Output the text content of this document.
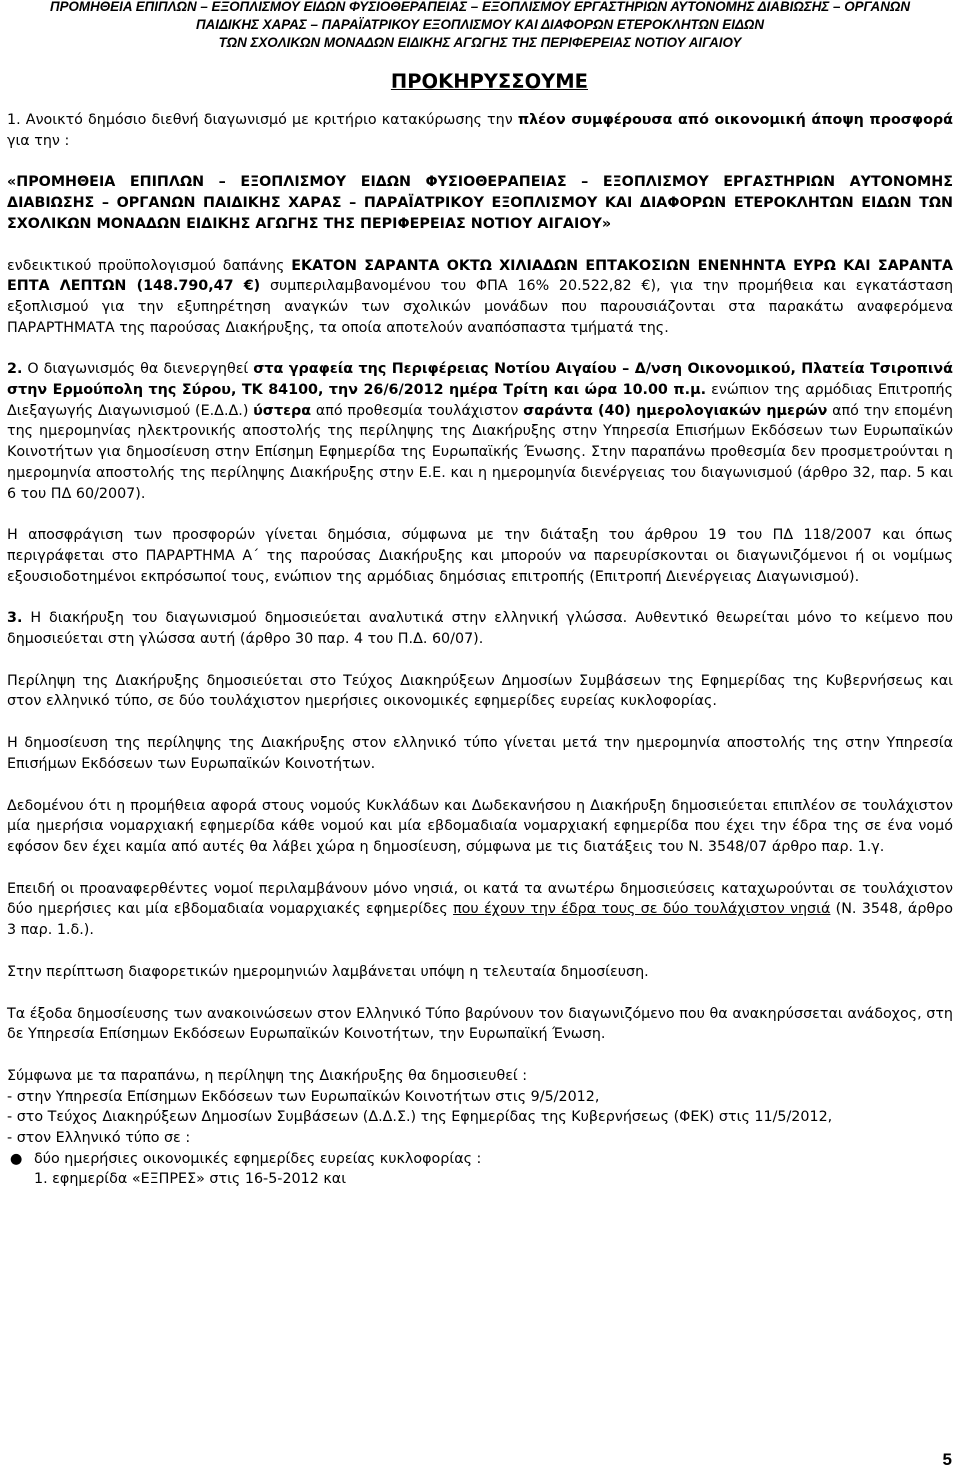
ΠΡΟΜΗΘΕΙΑ ΕΠΙΠΛΩΝ – ΕΞΟΠΛΙΣΜΟΥ ΕΙΔΩΝ ΦΥΣΙΟΘΕΡΑΠΕΙΑΣ – ΕΞΟΠΛΙΣΜΟΥ ΕΡΓΑΣΤΗΡΙΩΝ ΑΥΤΟΝΟΜΗΣ ΔΙΑΒΙΩΣΗΣ – ΟΡΓΑΝΩΝ
ΠΑΙΔΙΚΗΣ ΧΑΡΑΣ – ΠΑΡΑΪΑΤΡΙΚΟΥ ΕΞΟΠΛΙΣΜΟΥ ΚΑΙ ΔΙΑΦΟΡΩΝ ΕΤΕΡΟΚΛΗΤΩΝ ΕΙΔΩΝ
ΤΩΝ ΣΧΟΛΙΚΩΝ ΜΟΝΑΔΩΝ ΕΙΔΙΚΗΣ ΑΓΩΓΗΣ ΤΗΣ ΠΕΡΙΦΕΡΕΙΑΣ ΝΟΤΙΟΥ ΑΙΓΑΙΟΥ
ΠΡΟΚΗΡΥΣΣΟΥΜΕ

1. Ανοικτό δημόσιο διεθνή διαγωνισμό με κριτήριο κατακύρωσης την πλέον συμφέρουσα από οικονομική άποψη προσφορά για την :

«ΠΡΟΜΗΘΕΙΑ ΕΠΙΠΛΩΝ – ΕΞΟΠΛΙΣΜΟΥ ΕΙΔΩΝ ΦΥΣΙΟΘΕΡΑΠΕΙΑΣ – ΕΞΟΠΛΙΣΜΟΥ ΕΡΓΑΣΤΗΡΙΩΝ ΑΥΤΟΝΟΜΗΣ ΔΙΑΒΙΩΣΗΣ – ΟΡΓΑΝΩΝ ΠΑΙΔΙΚΗΣ ΧΑΡΑΣ – ΠΑΡΑΪΑΤΡΙΚΟΥ ΕΞΟΠΛΙΣΜΟΥ ΚΑΙ ΔΙΑΦΟΡΩΝ ΕΤΕΡΟΚΛΗΤΩΝ ΕΙΔΩΝ ΤΩΝ ΣΧΟΛΙΚΩΝ ΜΟΝΑΔΩΝ ΕΙΔΙΚΗΣ ΑΓΩΓΗΣ ΤΗΣ ΠΕΡΙΦΕΡΕΙΑΣ ΝΟΤΙΟΥ ΑΙΓΑΙΟΥ»

ενδεικτικού προϋπολογισμού δαπάνης ΕΚΑΤΟΝ ΣΑΡΑΝΤΑ ΟΚΤΩ ΧΙΛΙΑΔΩΝ ΕΠΤΑΚΟΣΙΩΝ ΕΝΕΝΗΝΤΑ ΕΥΡΩ ΚΑΙ ΣΑΡΑΝΤΑ ΕΠΤΑ ΛΕΠΤΩΝ (148.790,47 €) συμπεριλαμβανομένου του ΦΠΑ 16% 20.522,82 €), για την προμήθεια και εγκατάσταση εξοπλισμού για την εξυπηρέτηση αναγκών των σχολικών μονάδων που παρουσιάζονται στα παρακάτω αναφερόμενα ΠΑΡΑΡΤΗΜΑΤΑ της παρούσας Διακήρυξης, τα οποία αποτελούν αναπόσπαστα τμήματά της.

2. Ο διαγωνισμός θα διενεργηθεί στα γραφεία της Περιφέρειας Νοτίου Αιγαίου – Δ/νση Οικονομικού, Πλατεία Τσιροπινά στην Ερμούπολη της Σύρου, ΤΚ 84100, την 26/6/2012 ημέρα Τρίτη και ώρα 10.00 π.μ. ενώπιον της αρμόδιας Επιτροπής Διεξαγωγής Διαγωνισμού (Ε.Δ.Δ.) ύστερα από προθεσμία τουλάχιστον σαράντα (40) ημερολογιακών ημερών από την επομένη της ημερομηνίας ηλεκτρονικής αποστολής της περίληψης της Διακήρυξης στην Υπηρεσία Επισήμων Εκδόσεων των Ευρωπαϊκών Κοινοτήτων για δημοσίευση στην Επίσημη Εφημερίδα της Ευρωπαϊκής Ένωσης. Στην παραπάνω προθεσμία δεν προσμετρούνται η ημερομηνία αποστολής της περίληψης Διακήρυξης στην Ε.Ε. και η ημερομηνία διενέργειας του διαγωνισμού (άρθρο 32, παρ. 5 και 6 του ΠΔ 60/2007).

Η αποσφράγιση των προσφορών γίνεται δημόσια, σύμφωνα με την διάταξη του άρθρου 19 του ΠΔ 118/2007 και όπως περιγράφεται στο ΠΑΡΑΡΤΗΜΑ Α΄ της παρούσας Διακήρυξης και μπορούν να παρευρίσκονται οι διαγωνιζόμενοι ή οι νομίμως εξουσιοδοτημένοι εκπρόσωποί τους, ενώπιον της αρμόδιας δημόσιας επιτροπής (Επιτροπή Διενέργειας Διαγωνισμού).

3. Η διακήρυξη του διαγωνισμού δημοσιεύεται αναλυτικά στην ελληνική γλώσσα. Αυθεντικό θεωρείται μόνο το κείμενο που δημοσιεύεται στη γλώσσα αυτή (άρθρο 30 παρ. 4 του Π.Δ. 60/07).

Περίληψη της Διακήρυξης δημοσιεύεται στο Τεύχος Διακηρύξεων Δημοσίων Συμβάσεων της Εφημερίδας της Κυβερνήσεως και στον ελληνικό τύπο, σε δύο τουλάχιστον ημερήσιες οικονομικές εφημερίδες ευρείας κυκλοφορίας.

Η δημοσίευση της περίληψης της Διακήρυξης στον ελληνικό τύπο γίνεται μετά την ημερομηνία αποστολής της στην Υπηρεσία Επισήμων Εκδόσεων των Ευρωπαϊκών Κοινοτήτων.

Δεδομένου ότι η προμήθεια αφορά στους νομούς Κυκλάδων και Δωδεκανήσου η Διακήρυξη δημοσιεύεται επιπλέον σε τουλάχιστον μία ημερήσια νομαρχιακή εφημερίδα κάθε νομού και μία εβδομαδιαία νομαρχιακή εφημερίδα που έχει την έδρα της σε ένα νομό εφόσον δεν έχει καμία από αυτές θα λάβει χώρα η δημοσίευση, σύμφωνα με τις διατάξεις του Ν. 3548/07 άρθρο παρ. 1.γ.

Επειδή οι προαναφερθέντες νομοί περιλαμβάνουν μόνο νησιά, οι κατά τα ανωτέρω δημοσιεύσεις καταχωρούνται σε τουλάχιστον δύο ημερήσιες και μία εβδομαδιαία νομαρχιακές εφημερίδες που έχουν την έδρα τους σε δύο τουλάχιστον νησιά (Ν. 3548, άρθρο 3 παρ. 1.δ.).

Στην περίπτωση διαφορετικών ημερομηνιών λαμβάνεται υπόψη η τελευταία δημοσίευση.

Τα έξοδα δημοσίευσης των ανακοινώσεων στον Ελληνικό Τύπο βαρύνουν τον διαγωνιζόμενο που θα ανακηρύσσεται ανάδοχος, στη δε Υπηρεσία Επίσημων Εκδόσεων Ευρωπαϊκών Κοινοτήτων, την Ευρωπαϊκή Ένωση.

Σύμφωνα με τα παραπάνω, η περίληψη της Διακήρυξης θα δημοσιευθεί :

- στην Υπηρεσία Επίσημων Εκδόσεων των Ευρωπαϊκών Κοινοτήτων στις 9/5/2012,

- στο Τεύχος Διακηρύξεων Δημοσίων Συμβάσεων (Δ.Δ.Σ.) της Εφημερίδας της Κυβερνήσεως (ΦΕΚ) στις 11/5/2012,

- στον Ελληνικό τύπο σε :

● δύο ημερήσιες οικονομικές εφημερίδες ευρείας κυκλοφορίας :

1. εφημερίδα «ΕΞΠΡΕΣ» στις 16-5-2012 και

5
